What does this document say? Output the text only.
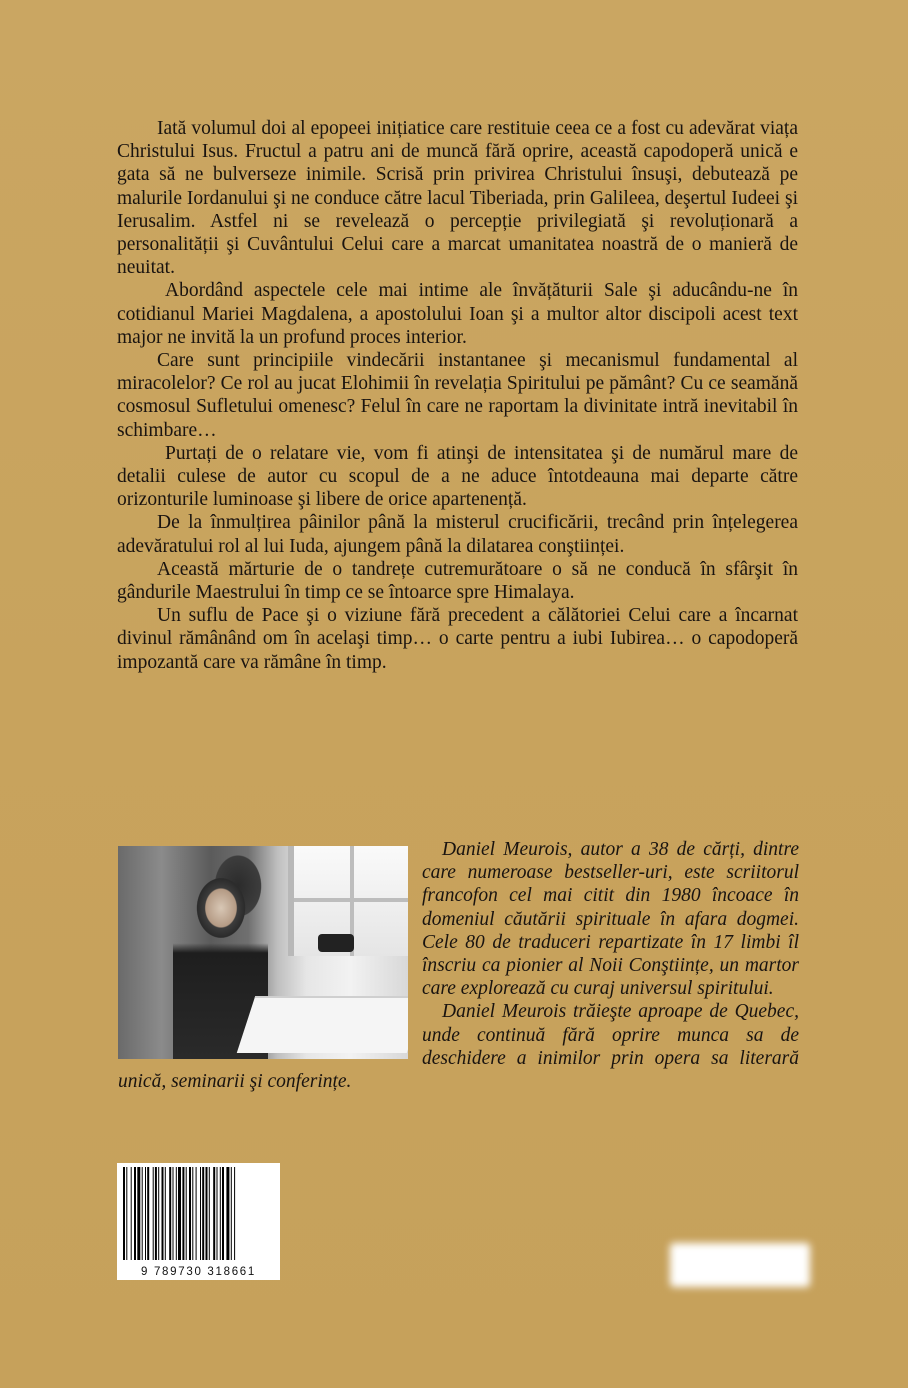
Iată volumul doi al epopeei inițiatice care restituie ceea ce a fost cu adevărat viața Christului Isus. Fructul a patru ani de muncă fără oprire, această capodoperă unică e gata să ne bulverseze inimile. Scrisă prin privirea Christului însuşi, debutează pe malurile Iordanului şi ne conduce către lacul Tiberiada, prin Galileea, deşertul Iudeei şi Ierusalim. Astfel ni se revelează o percepție privilegiată şi revoluționară a personalității şi Cuvântului Celui care a marcat umanitatea noastră de o manieră de neuitat.

Abordând aspectele cele mai intime ale învățăturii Sale şi aducându-ne în cotidianul Mariei Magdalena, a apostolului Ioan şi a multor altor discipoli acest text major ne invită la un profund proces interior.

Care sunt principiile vindecării instantanee şi mecanismul fundamental al miracolelor? Ce rol au jucat Elohimii în revelația Spiritului pe pământ? Cu ce seamănă cosmosul Sufletului omenesc? Felul în care ne raportam la divinitate intră inevitabil în schimbare…

Purtați de o relatare vie, vom fi atinşi de intensitatea şi de numărul mare de detalii culese de autor cu scopul de a ne aduce întotdeauna mai departe către orizonturile luminoase şi libere de orice apartenență.

De la înmulțirea pâinilor până la misterul crucificării, trecând prin înțelegerea adevăratului rol al lui Iuda, ajungem până la dilatarea conştiinței.

Această mărturie de o tandrețe cutremurătoare o să ne conducă în sfârşit în gândurile Maestrului în timp ce se întoarce spre Himalaya.

Un suflu de Pace şi o viziune fără precedent a călătoriei Celui care a încarnat divinul rămânând om în acelaşi timp… o carte pentru a iubi Iubirea… o capodoperă impozantă care va rămâne în timp.

Daniel Meurois, autor a 38 de cărți, dintre care numeroase bestseller-uri, este scriitorul francofon cel mai citit din 1980 încoace în domeniul căutării spirituale în afara dogmei. Cele 80 de traduceri repartizate în 17 limbi îl înscriu ca pionier al Noii Conştiințe, un martor care explorează cu curaj universul spiritului.

Daniel Meurois trăieşte aproape de Quebec, unde continuă fără oprire munca sa de deschidere a inimilor prin opera sa literară unică, seminarii şi conferințe.

9 789730 318661
